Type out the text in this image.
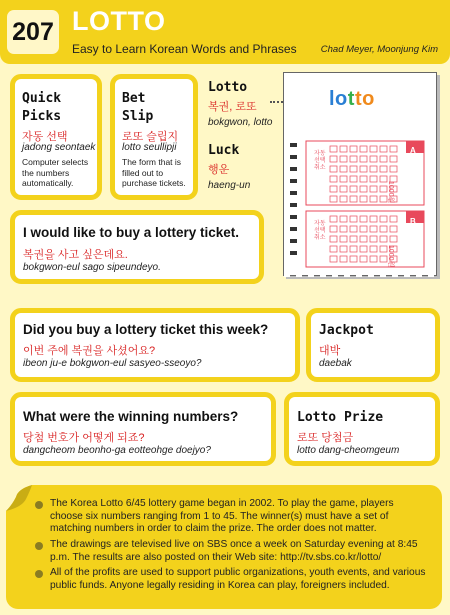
207 LOTTO
Easy to Learn Korean Words and Phrases	Chad Meyer, Moonjung Kim
Quick
Picks
자동 선택
jadong seontaek
Computer selects the numbers automatically.
Bet
Slip
로또 슬립지
lotto seullipji
The form that is filled out to purchase tickets.
Lotto
복권, 로또
bokgwon, lotto
Luck
행운
haeng-un
lotto
A
B
1000원
1000원
자동선택 취소
자동선택 취소
I would like to buy a lottery ticket.
복권을 사고 싶은데요.
bokgwon-eul sago sipeundeyo.
Did you buy a lottery ticket this week?
이번 주에 복권을 사셨어요?
ibeon ju-e bokgwon-eul sasyeo-sseoyo?
Jackpot
대박
daebak
What were the winning numbers?
당첨 번호가 어떻게 되죠?
dangcheom beonho-ga eotteohge doejyo?
Lotto Prize
로또 당첨금
lotto dang-cheomgeum
The Korea Lotto 6/45 lottery game began in 2002. To play the game, players choose six numbers ranging from 1 to 45. The winner(s) must have a set of matching numbers in order to claim the prize. The order does not matter.
The drawings are televised live on SBS once a week on Saturday evening at 8:45 p.m. The results are also posted on their Web site: http://tv.sbs.co.kr/lotto/
All of the profits are used to support public organizations, youth events, and various public funds. Anyone legally residing in Korea can play, foreigners included.
